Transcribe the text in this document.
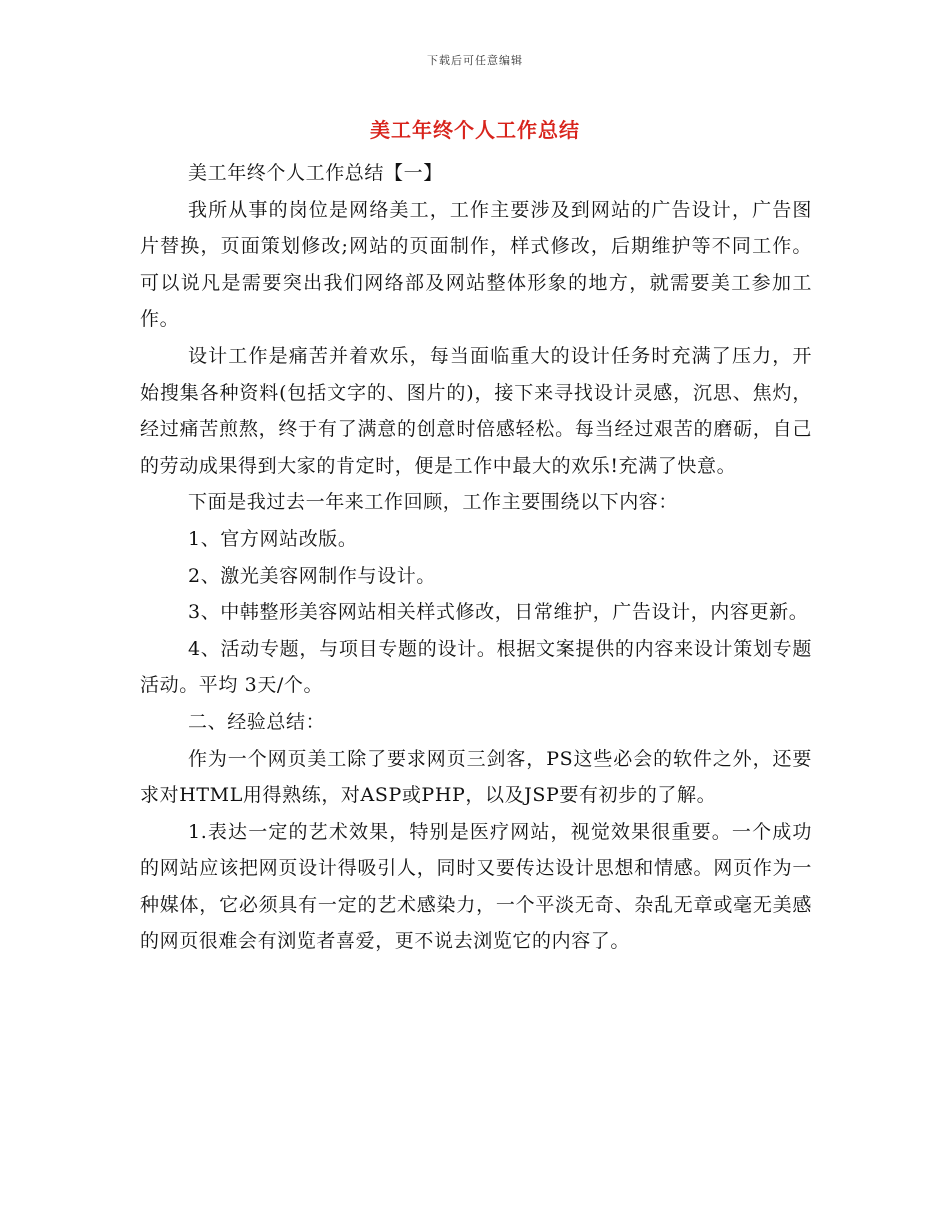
下载后可任意编辑
美工年终个人工作总结

美工年终个人工作总结【一】

我所从事的岗位是网络美工，工作主要涉及到网站的广告设计，广告图片替换，页面策划修改;网站的页面制作，样式修改，后期维护等不同工作。可以说凡是需要突出我们网络部及网站整体形象的地方，就需要美工参加工作。

设计工作是痛苦并着欢乐，每当面临重大的设计任务时充满了压力，开始搜集各种资料(包括文字的、图片的)，接下来寻找设计灵感，沉思、焦灼，经过痛苦煎熬，终于有了满意的创意时倍感轻松。每当经过艰苦的磨砺，自己的劳动成果得到大家的肯定时，便是工作中最大的欢乐!充满了快意。

下面是我过去一年来工作回顾，工作主要围绕以下内容：

1、官方网站改版。

2、激光美容网制作与设计。

3、中韩整形美容网站相关样式修改，日常维护，广告设计，内容更新。

4、活动专题，与项目专题的设计。根据文案提供的内容来设计策划专题活动。平均 3天/个。

二、经验总结：

作为一个网页美工除了要求网页三剑客，PS这些必会的软件之外，还要求对HTML用得熟练，对ASP或PHP，以及JSP要有初步的了解。

1.表达一定的艺术效果，特别是医疗网站，视觉效果很重要。一个成功的网站应该把网页设计得吸引人，同时又要传达设计思想和情感。网页作为一种媒体，它必须具有一定的艺术感染力，一个平淡无奇、杂乱无章或毫无美感的网页很难会有浏览者喜爱，更不说去浏览它的内容了。
